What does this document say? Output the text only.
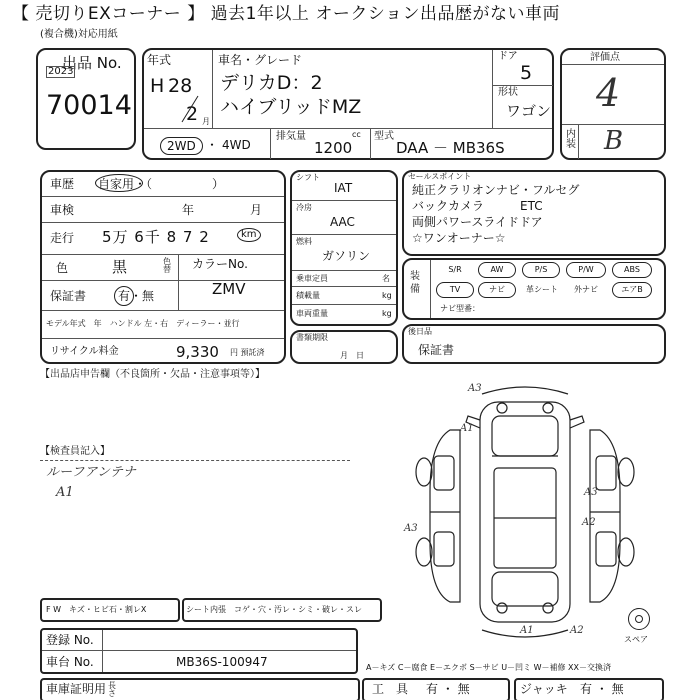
【 売切りEXコーナー 】 過去1年以上 オークション出品歴がない車両
(複合機)対応用紙
出品 No.
2023
70014
年式
H 28
2 月
車名・グレード
デリカD：2
ハイブリッドMZ
ドア
5
形状
ワゴン
2WD ・ 4WD
排気量	cc
1200
型式
DAA － MB36S
評価点
4
内装 B
車歴 自家用・（　　　　　）
車検	年	月
走行 5万 6千 8 7 2	km
色	黒	色替 カラーNo.
ZMV
保証書	有・無
モデル年式　年　ハンドル 左・右　ディーラー・並行
リサイクル料金	9,330 円 預託済
シフト
IAT
冷房
AAC
燃料
ガソリン
乗車定員	名
積載量	kg
車両重量	kg
書類期限
月　日
セールスポイント
純正クラリオンナビ・フルセグ
バックカメラ　　　ETC
両側パワースライドドア
☆ワンオーナー☆
装備
S/R	AW	P/S	P/W	ABS
TV	ナビ	革シート	外ナビ	エアB
ナビ型番：
後日品
保証書
【出品店申告欄（不良箇所・欠品・注意事項等）】
【検査員記入】
ルーフアンテナ
A1
A3
A1
A3
A3
A2
A1	A2
スペア
F W　キズ・ヒビ石・割レX	シート内張　コゲ・穴・汚レ・シミ・破レ・スレ
登録 No.
車台 No.	MB36S-100947	A－キズ C－腐食 E－エクボ S－サビ U－凹ミ W－補修 XX－交換済
車庫証明用 長さ	工　具 有 ・ 無	ジャッキ 有 ・ 無
